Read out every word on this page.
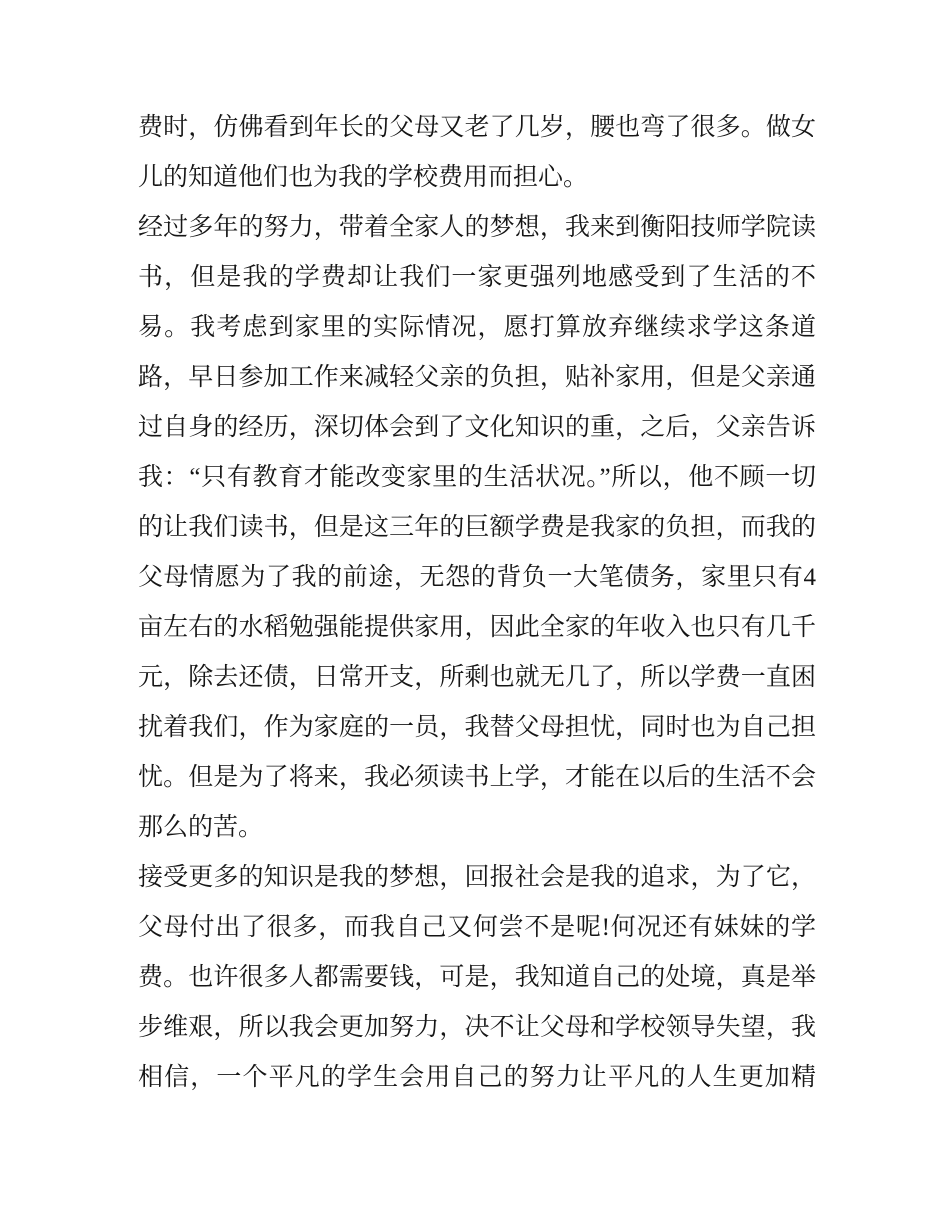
费时，仿佛看到年长的父母又老了几岁，腰也弯了很多。做女
儿的知道他们也为我的学校费用而担心。
经过多年的努力，带着全家人的梦想，我来到衡阳技师学院读
书，但是我的学费却让我们一家更强列地感受到了生活的不
易。我考虑到家里的实际情况，愿打算放弃继续求学这条道
路，早日参加工作来减轻父亲的负担，贴补家用，但是父亲通
过自身的经历，深切体会到了文化知识的重，之后，父亲告诉
我：“只有教育才能改变家里的生活状况。”所以，他不顾一切
的让我们读书，但是这三年的巨额学费是我家的负担，而我的
父母情愿为了我的前途，无怨的背负一大笔债务，家里只有4
亩左右的水稻勉强能提供家用，因此全家的年收入也只有几千
元，除去还债，日常开支，所剩也就无几了，所以学费一直困
扰着我们，作为家庭的一员，我替父母担忧，同时也为自己担
忧。但是为了将来，我必须读书上学，才能在以后的生活不会
那么的苦。
接受更多的知识是我的梦想，回报社会是我的追求，为了它，
父母付出了很多，而我自己又何尝不是呢!何况还有妹妹的学
费。也许很多人都需要钱，可是，我知道自己的处境，真是举
步维艰，所以我会更加努力，决不让父母和学校领导失望，我
相信，一个平凡的学生会用自己的努力让平凡的人生更加精
